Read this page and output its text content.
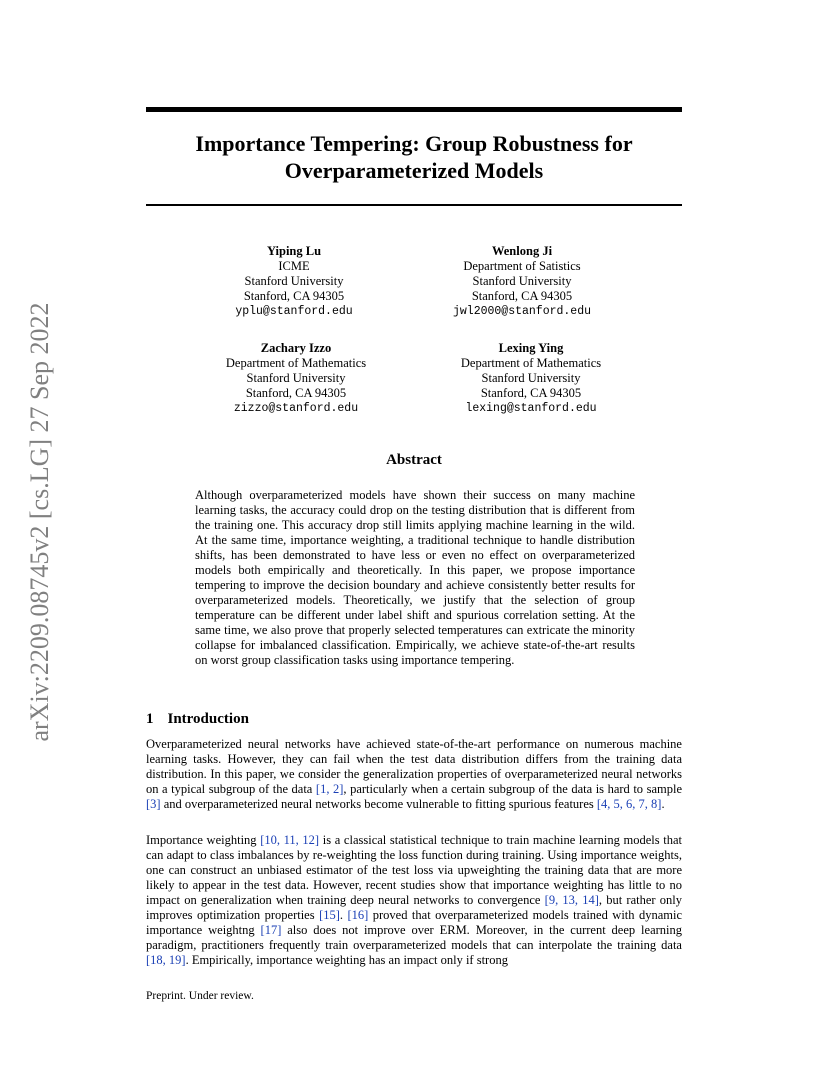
arXiv:2209.08745v2 [cs.LG] 27 Sep 2022
Importance Tempering: Group Robustness for
Overparameterized Models
Yiping Lu
ICME
Stanford University
Stanford, CA 94305
yplu@stanford.edu
Wenlong Ji
Department of Satistics
Stanford University
Stanford, CA 94305
jwl2000@stanford.edu
Zachary Izzo
Department of Mathematics
Stanford University
Stanford, CA 94305
zizzo@stanford.edu
Lexing Ying
Department of Mathematics
Stanford University
Stanford, CA 94305
lexing@stanford.edu
Abstract

Although overparameterized models have shown their success on many machine learning tasks, the accuracy could drop on the testing distribution that is different from the training one. This accuracy drop still limits applying machine learning in the wild. At the same time, importance weighting, a traditional technique to handle distribution shifts, has been demonstrated to have less or even no effect on overparameterized models both empirically and theoretically. In this paper, we propose importance tempering to improve the decision boundary and achieve consistently better results for overparameterized models. Theoretically, we justify that the selection of group temperature can be different under label shift and spurious correlation setting. At the same time, we also prove that properly selected temperatures can extricate the minority collapse for imbalanced classification. Empirically, we achieve state-of-the-art results on worst group classification tasks using importance tempering.

1 Introduction

Overparameterized neural networks have achieved state-of-the-art performance on numerous machine learning tasks. However, they can fail when the test data distribution differs from the training data distribution. In this paper, we consider the generalization properties of overparameterized neural networks on a typical subgroup of the data [1, 2], particularly when a certain subgroup of the data is hard to sample [3] and overparameterized neural networks become vulnerable to fitting spurious features [4, 5, 6, 7, 8].

Importance weighting [10, 11, 12] is a classical statistical technique to train machine learning models that can adapt to class imbalances by re-weighting the loss function during training. Using importance weights, one can construct an unbiased estimator of the test loss via upweighting the training data that are more likely to appear in the test data. However, recent studies show that importance weighting has little to no impact on generalization when training deep neural networks to convergence [9, 13, 14], but rather only improves optimization properties [15]. [16] proved that overparameterized models trained with dynamic importance weightng [17] also does not improve over ERM. Moreover, in the current deep learning paradigm, practitioners frequently train overparameterized models that can interpolate the training data [18, 19]. Empirically, importance weighting has an impact only if strong

Preprint. Under review.
